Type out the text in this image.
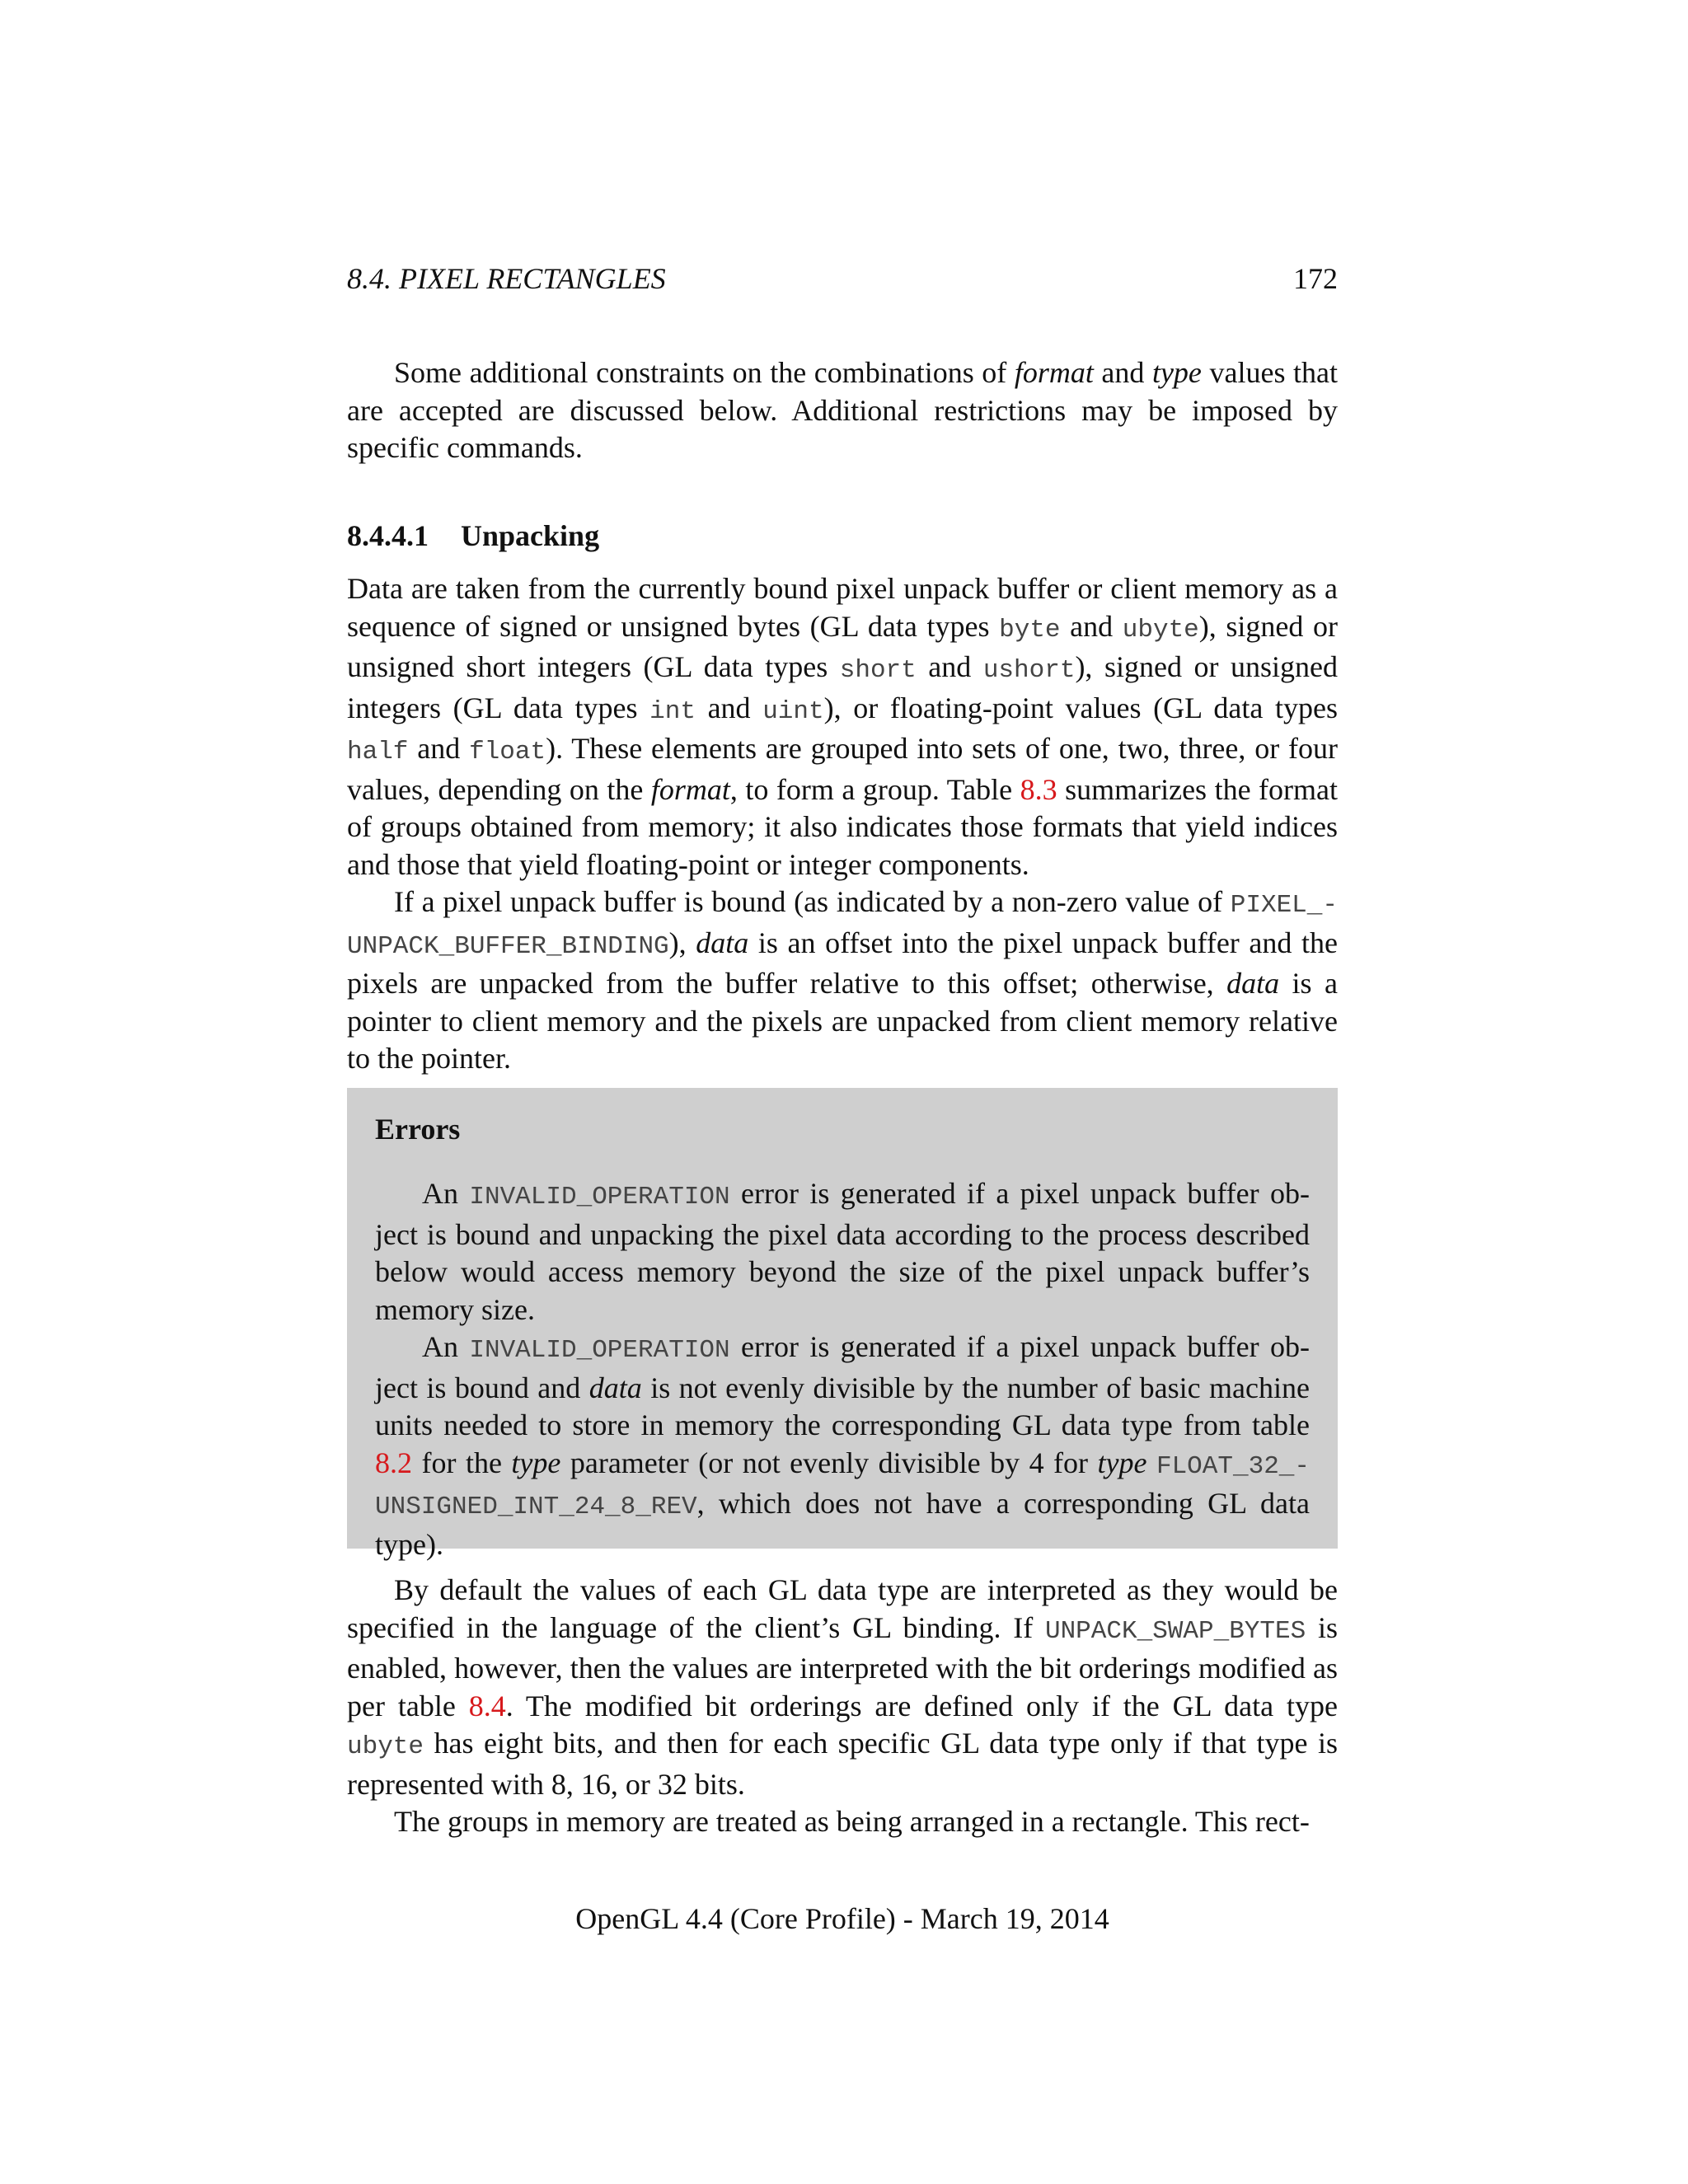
8.4. PIXEL RECTANGLES	172

Some additional constraints on the combinations of format and type values that are accepted are discussed below. Additional restrictions may be imposed by specific commands.

8.4.4.1 Unpacking

Data are taken from the currently bound pixel unpack buffer or client memory as a sequence of signed or unsigned bytes (GL data types byte and ubyte), signed or unsigned short integers (GL data types short and ushort), signed or unsigned integers (GL data types int and uint), or floating-point values (GL data types half and float). These elements are grouped into sets of one, two, three, or four values, depending on the format, to form a group. Table 8.3 summarizes the format of groups obtained from memory; it also indicates those formats that yield indices and those that yield floating-point or integer components.

If a pixel unpack buffer is bound (as indicated by a non-zero value of PIXEL_- UNPACK_BUFFER_BINDING), data is an offset into the pixel unpack buffer and the pixels are unpacked from the buffer relative to this offset; otherwise, data is a pointer to client memory and the pixels are unpacked from client memory relative to the pointer.

Errors

An INVALID_OPERATION error is generated if a pixel unpack buffer ob- ject is bound and unpacking the pixel data according to the process described below would access memory beyond the size of the pixel unpack buffer’s memory size.

An INVALID_OPERATION error is generated if a pixel unpack buffer ob- ject is bound and data is not evenly divisible by the number of basic machine units needed to store in memory the corresponding GL data type from table 8.2 for the type parameter (or not evenly divisible by 4 for type FLOAT_32_- UNSIGNED_INT_24_8_REV, which does not have a corresponding GL data type).

By default the values of each GL data type are interpreted as they would be specified in the language of the client’s GL binding. If UNPACK_SWAP_BYTES is enabled, however, then the values are interpreted with the bit orderings modified as per table 8.4. The modified bit orderings are defined only if the GL data type ubyte has eight bits, and then for each specific GL data type only if that type is represented with 8, 16, or 32 bits.

The groups in memory are treated as being arranged in a rectangle. This rect-

OpenGL 4.4 (Core Profile) - March 19, 2014
